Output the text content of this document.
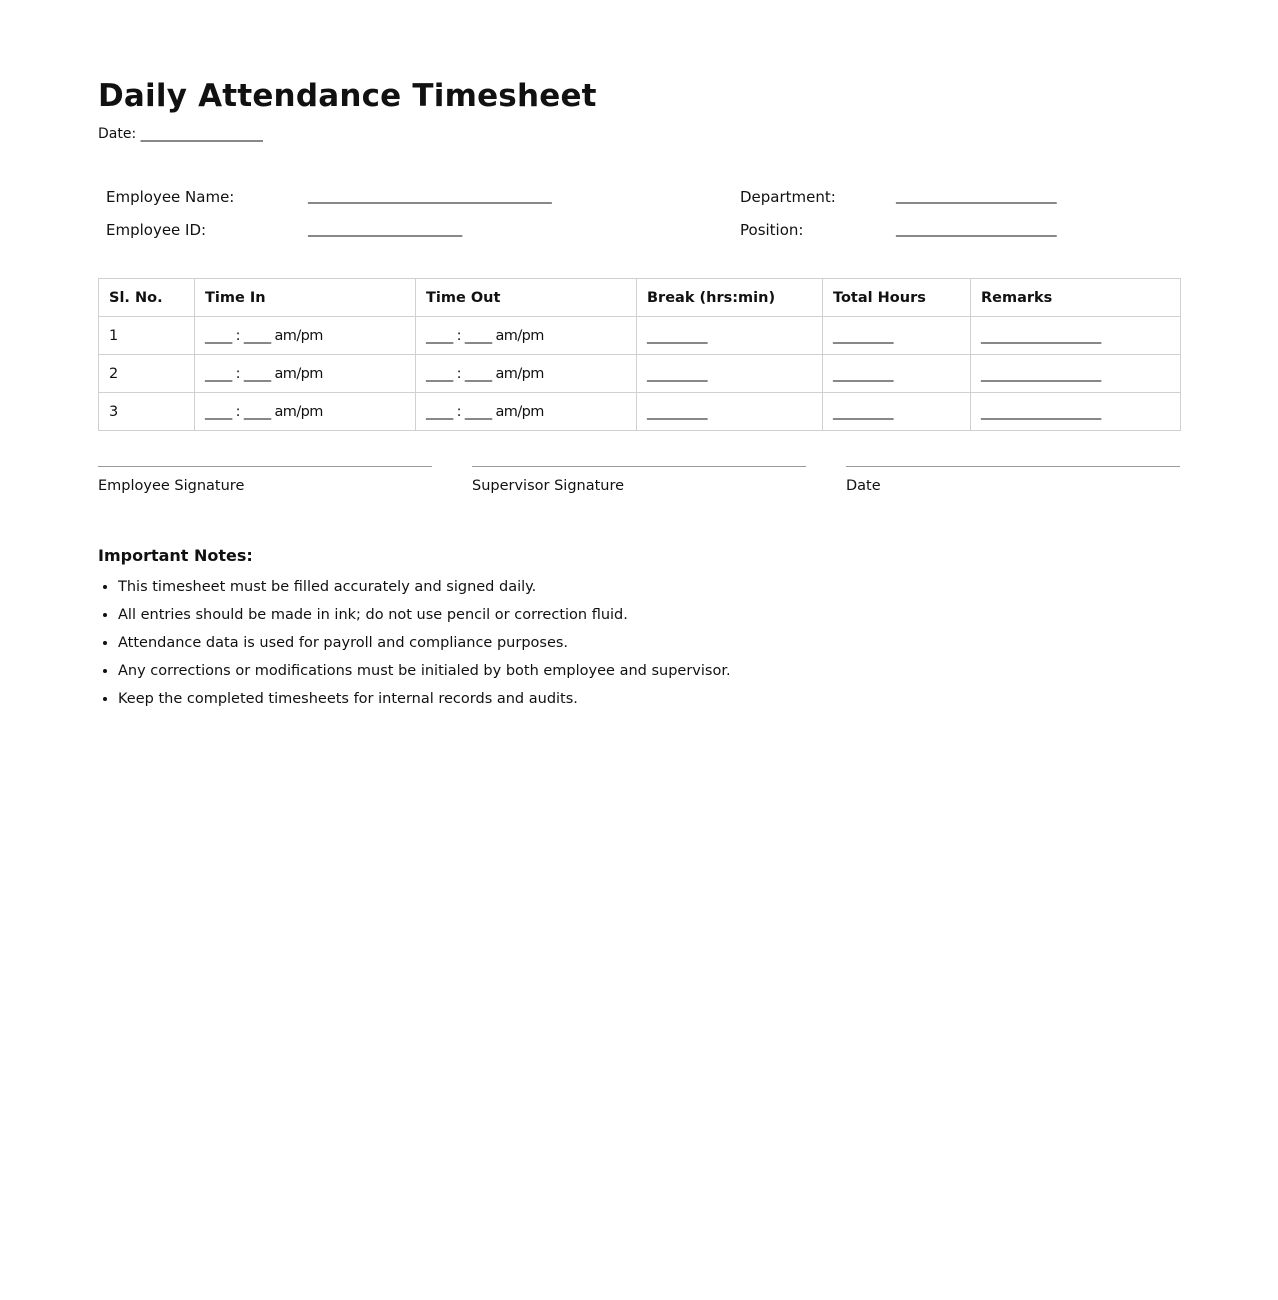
Daily Attendance Timesheet
Date: ___________________
Employee Name:	______________________________________
Employee ID:	________________________
Department:	_________________________
Position:	_________________________
Sl. No.	Time In	Time Out	Break (hrs:min)	Total Hours	Remarks
1	____ : ____ am/pm	____ : ____ am/pm	_________	_________	__________________
2	____ : ____ am/pm	____ : ____ am/pm	_________	_________	__________________
3	____ : ____ am/pm	____ : ____ am/pm	_________	_________	__________________
Employee Signature	Supervisor Signature	Date
Important Notes:
• This timesheet must be filled accurately and signed daily.
• All entries should be made in ink; do not use pencil or correction fluid.
• Attendance data is used for payroll and compliance purposes.
• Any corrections or modifications must be initialed by both employee and supervisor.
• Keep the completed timesheets for internal records and audits.
